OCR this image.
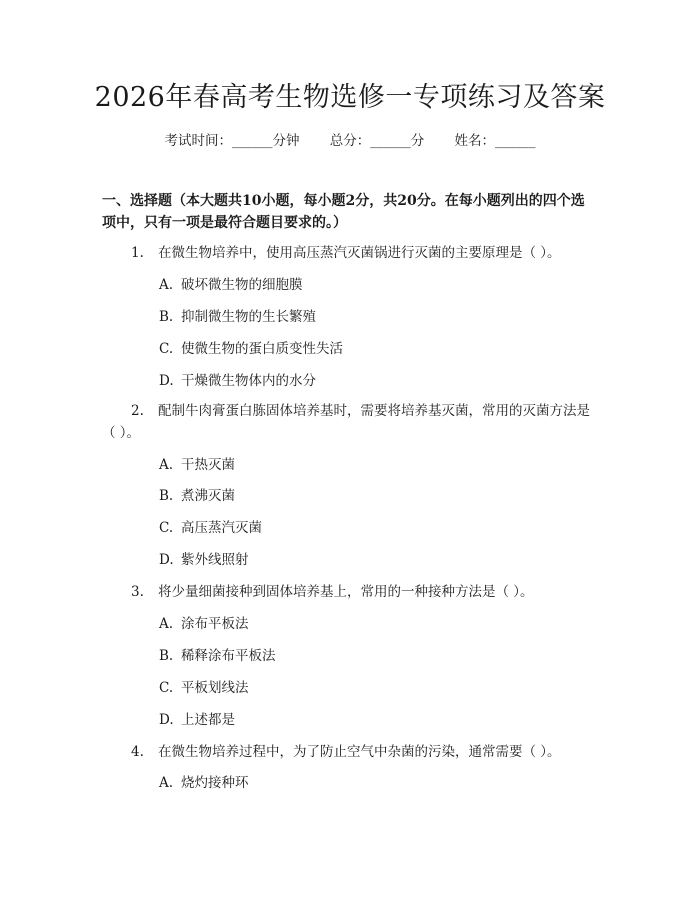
2026年春高考生物选修一专项练习及答案
考试时间：______分钟 总分：______分 姓名：______
一、选择题（本大题共10小题，每小题2分，共20分。在每小题列出的四个选项中，只有一项是最符合题目要求的。）
1. 在微生物培养中，使用高压蒸汽灭菌锅进行灭菌的主要原理是（ ）。
A. 破坏微生物的细胞膜
B. 抑制微生物的生长繁殖
C. 使微生物的蛋白质变性失活
D. 干燥微生物体内的水分
2. 配制牛肉膏蛋白胨固体培养基时，需要将培养基灭菌，常用的灭菌方法是（ ）。
A. 干热灭菌
B. 煮沸灭菌
C. 高压蒸汽灭菌
D. 紫外线照射
3. 将少量细菌接种到固体培养基上，常用的一种接种方法是（ ）。
A. 涂布平板法
B. 稀释涂布平板法
C. 平板划线法
D. 上述都是
4. 在微生物培养过程中，为了防止空气中杂菌的污染，通常需要（ ）。
A. 烧灼接种环
